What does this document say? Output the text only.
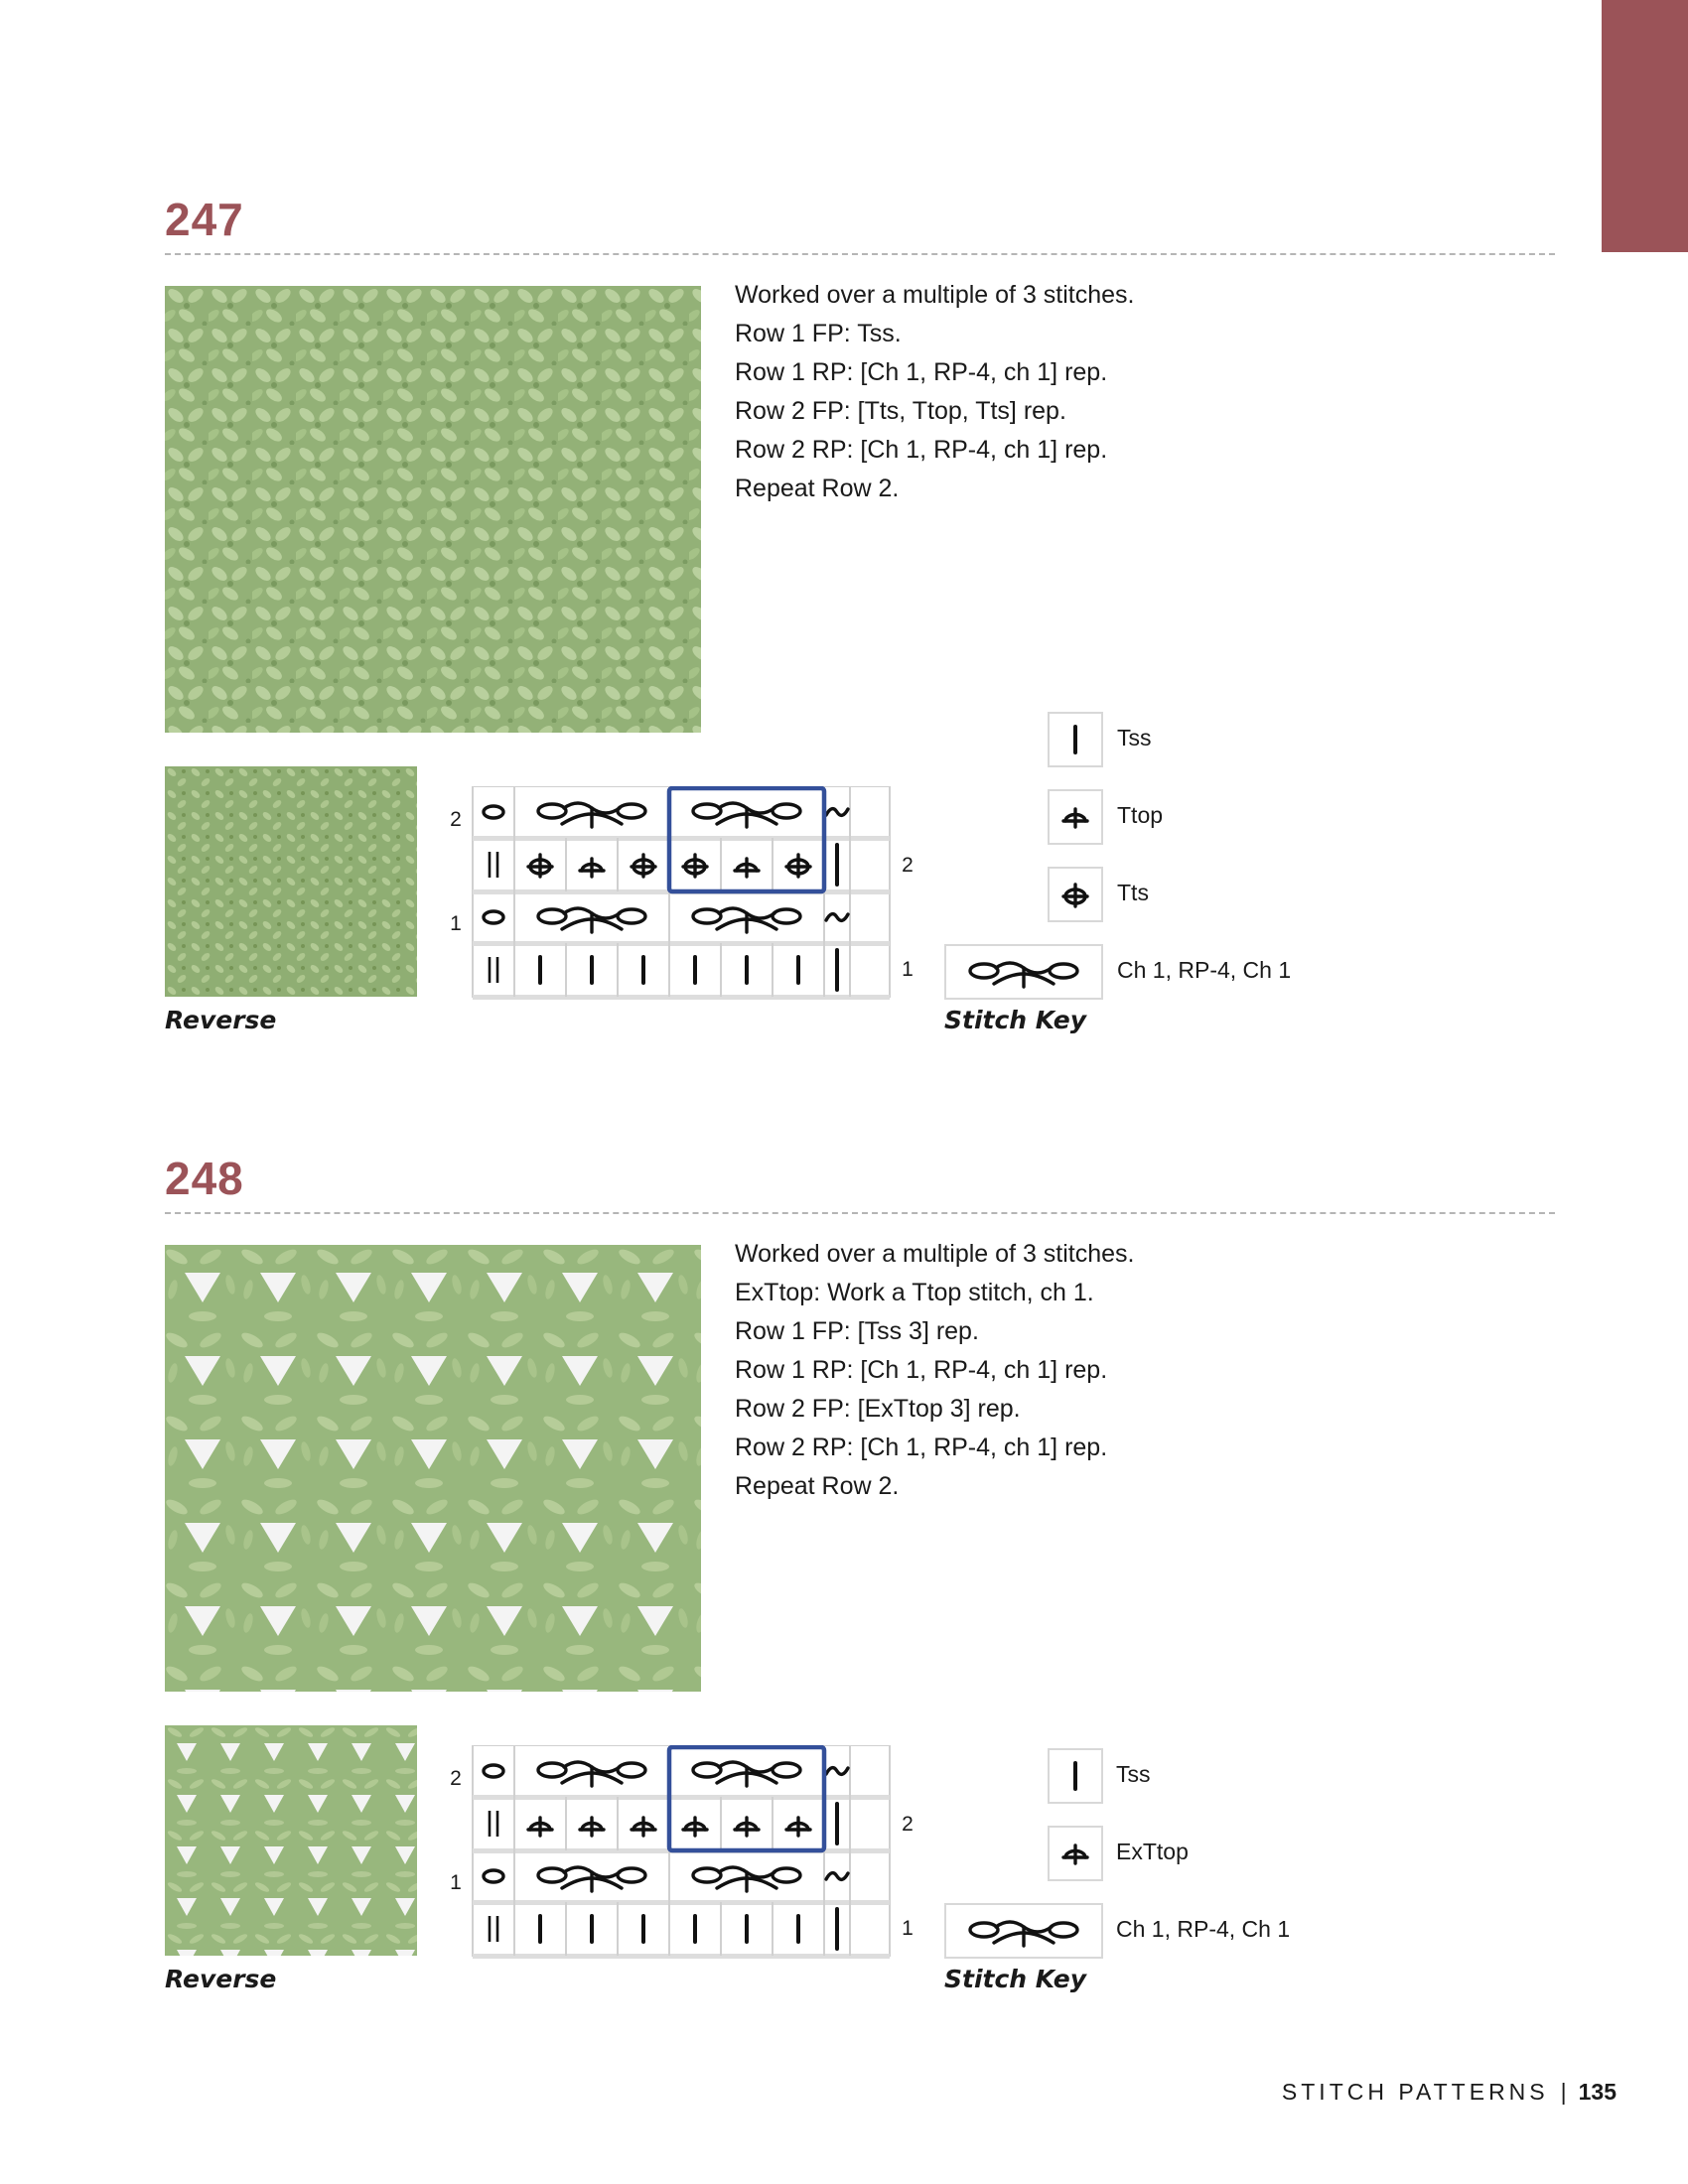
247
Worked over a multiple of 3 stitches.
Row 1 FP: Tss.
Row 1 RP: [Ch 1, RP-4, ch 1] rep.
Row 2 FP: [Tts, Ttop, Tts] rep.
Row 2 RP: [Ch 1, RP-4, ch 1] rep.
Repeat Row 2.
Reverse
2
1
2
1
Tss
Ttop
Tts
Ch 1, RP-4, Ch 1
Stitch Key
248
Worked over a multiple of 3 stitches.
ExTtop: Work a Ttop stitch, ch 1.
Row 1 FP: [Tss 3] rep.
Row 1 RP: [Ch 1, RP-4, ch 1] rep.
Row 2 FP: [ExTtop 3] rep.
Row 2 RP: [Ch 1, RP-4, ch 1] rep.
Repeat Row 2.
Reverse
2
1
2
1
Tss
ExTtop
Ch 1, RP-4, Ch 1
Stitch Key
STITCH PATTERNS | 135
